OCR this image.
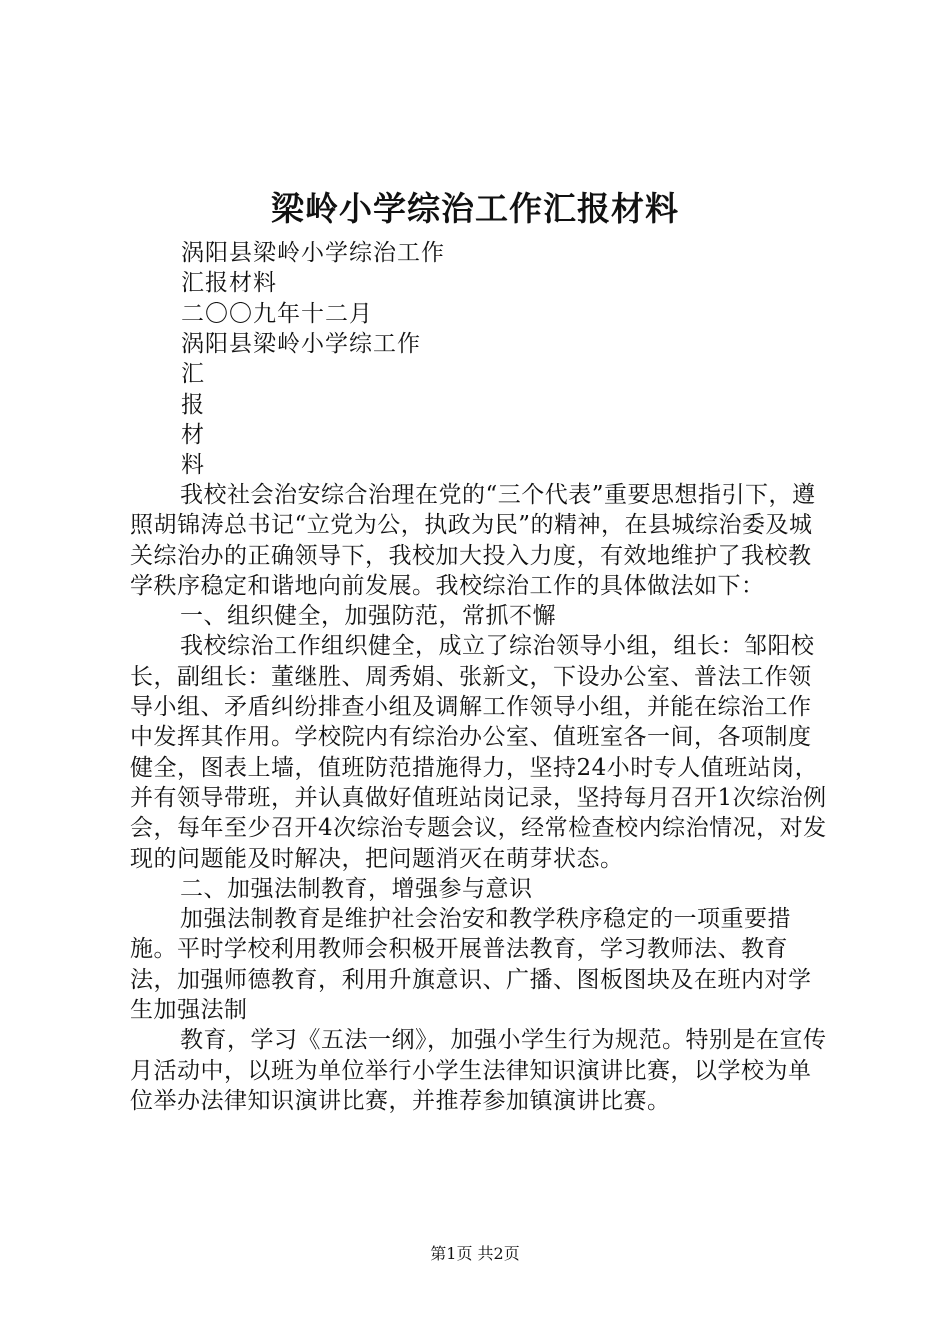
梁岭小学综治工作汇报材料
涡阳县梁岭小学综治工作
汇报材料
二〇〇九年十二月
涡阳县梁岭小学综工作
汇
报
材
料

我校社会治安综合治理在党的“三个代表”重要思想指引下，遵照胡锦涛总书记“立党为公，执政为民”的精神，在县城综治委及城关综治办的正确领导下，我校加大投入力度，有效地维护了我校教学秩序稳定和谐地向前发展。我校综治工作的具体做法如下：

一、组织健全，加强防范，常抓不懈

我校综治工作组织健全，成立了综治领导小组，组长：邹阳校长，副组长：董继胜、周秀娟、张新文，下设办公室、普法工作领导小组、矛盾纠纷排查小组及调解工作领导小组，并能在综治工作中发挥其作用。学校院内有综治办公室、值班室各一间，各项制度健全，图表上墙，值班防范措施得力，坚持24小时专人值班站岗，并有领导带班，并认真做好值班站岗记录，坚持每月召开1次综治例会，每年至少召开4次综治专题会议，经常检查校内综治情况，对发现的问题能及时解决，把问题消灭在萌芽状态。

二、加强法制教育，增强参与意识

加强法制教育是维护社会治安和教学秩序稳定的一项重要措施。平时学校利用教师会积极开展普法教育，学习教师法、教育法，加强师德教育，利用升旗意识、广播、图板图块及在班内对学生加强法制

教育，学习《五法一纲》，加强小学生行为规范。特别是在宣传月活动中，以班为单位举行小学生法律知识演讲比赛，以学校为单位举办法律知识演讲比赛，并推荐参加镇演讲比赛。

第1页 共2页
